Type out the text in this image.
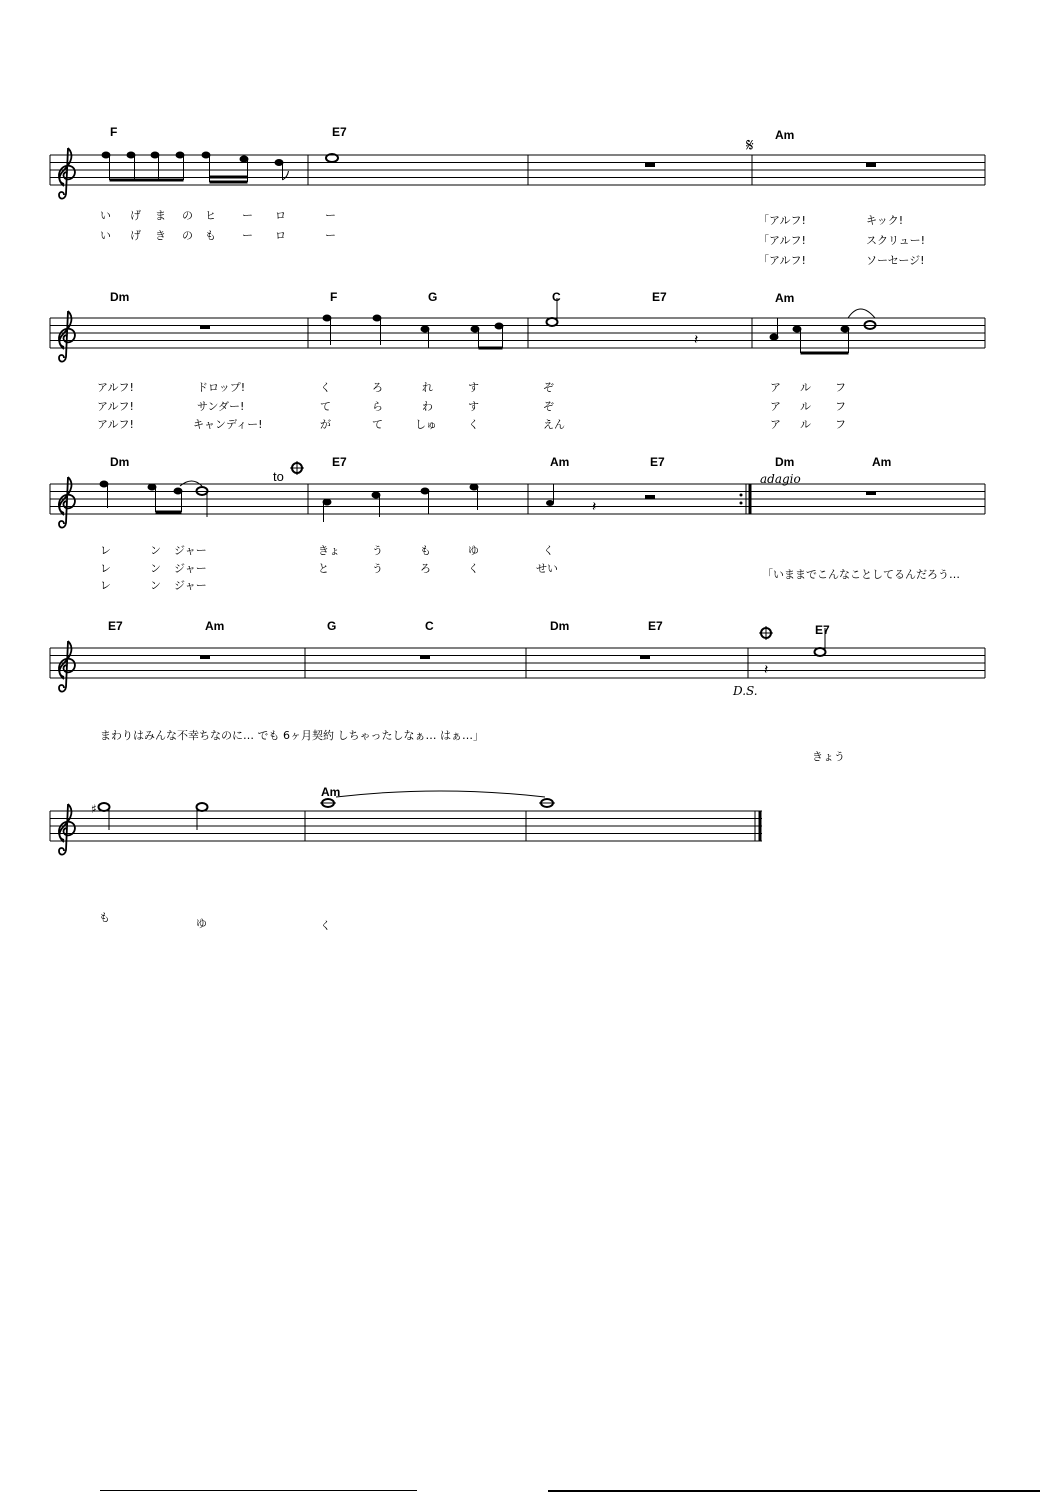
𝄋
F	E7	Am
い げ ま の ヒ ー ロ	ー
い げ き の も ー ロ	ー
「アルフ!	キック!
「アルフ!	スクリュー!
「アルフ!	ソーセージ!
𝄽
Dm	F	G	C	E7	Am
アルフ!	ドロップ!	く	ろ	れ	す	ぞ	ア ル フ
アルフ!	サンダー!	て	ら	わ	す	ぞ	ア ル フ
アルフ!	キャンディー!	が	て	しゅ	く	えん	ア ル フ
𝄽
Dm	E7	Am	E7	Dm	Am
to	adagio
レ	ン ジャー	きょ	う	も	ゆ	く
レ	ン ジャー	と	う	ろ	く	せい
レ	ン ジャー
「いままでこんなことしてるんだろう…
𝄽
E7	Am	G	C	Dm	E7	E7
D.S.
まわりはみんな不幸ちなのに… でも 6ヶ月契約 しちゃったしなぁ… はぁ…」
きょう
♯
Am
も	ゆ	く
